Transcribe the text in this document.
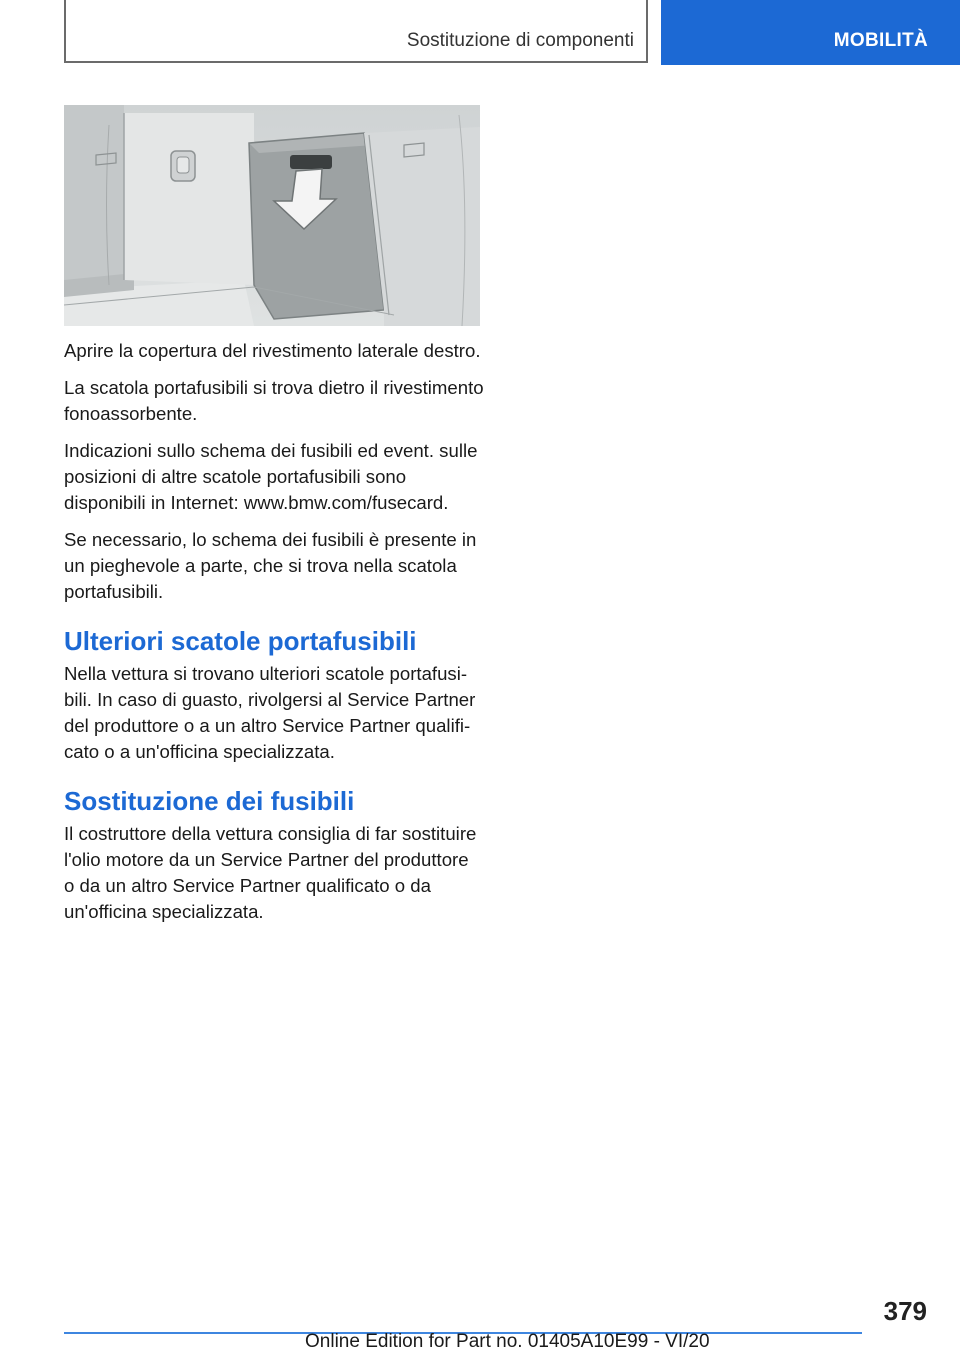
Sostituzione di componenti	MOBILITÀ

Aprire la copertura del rivestimento laterale destro.

La scatola portafusibili si trova dietro il rivestimento fonoassorbente.

Indicazioni sullo schema dei fusibili ed event. sulle posizioni di altre scatole portafusibili sono disponibili in Internet: www.bmw.com/fusecard.

Se necessario, lo schema dei fusibili è presente in un pieghevole a parte, che si trova nella scatola portafusibili.

Ulteriori scatole portafusibili

Nella vettura si trovano ulteriori scatole portafusibili. In caso di guasto, rivolgersi al Service Partner del produttore o a un altro Service Partner qualificato o a un'officina specializzata.

Sostituzione dei fusibili

Il costruttore della vettura consiglia di far sostituire l'olio motore da un Service Partner del produttore o da un altro Service Partner qualificato o da un'officina specializzata.

379
Online Edition for Part no. 01405A10E99 - VI/20
